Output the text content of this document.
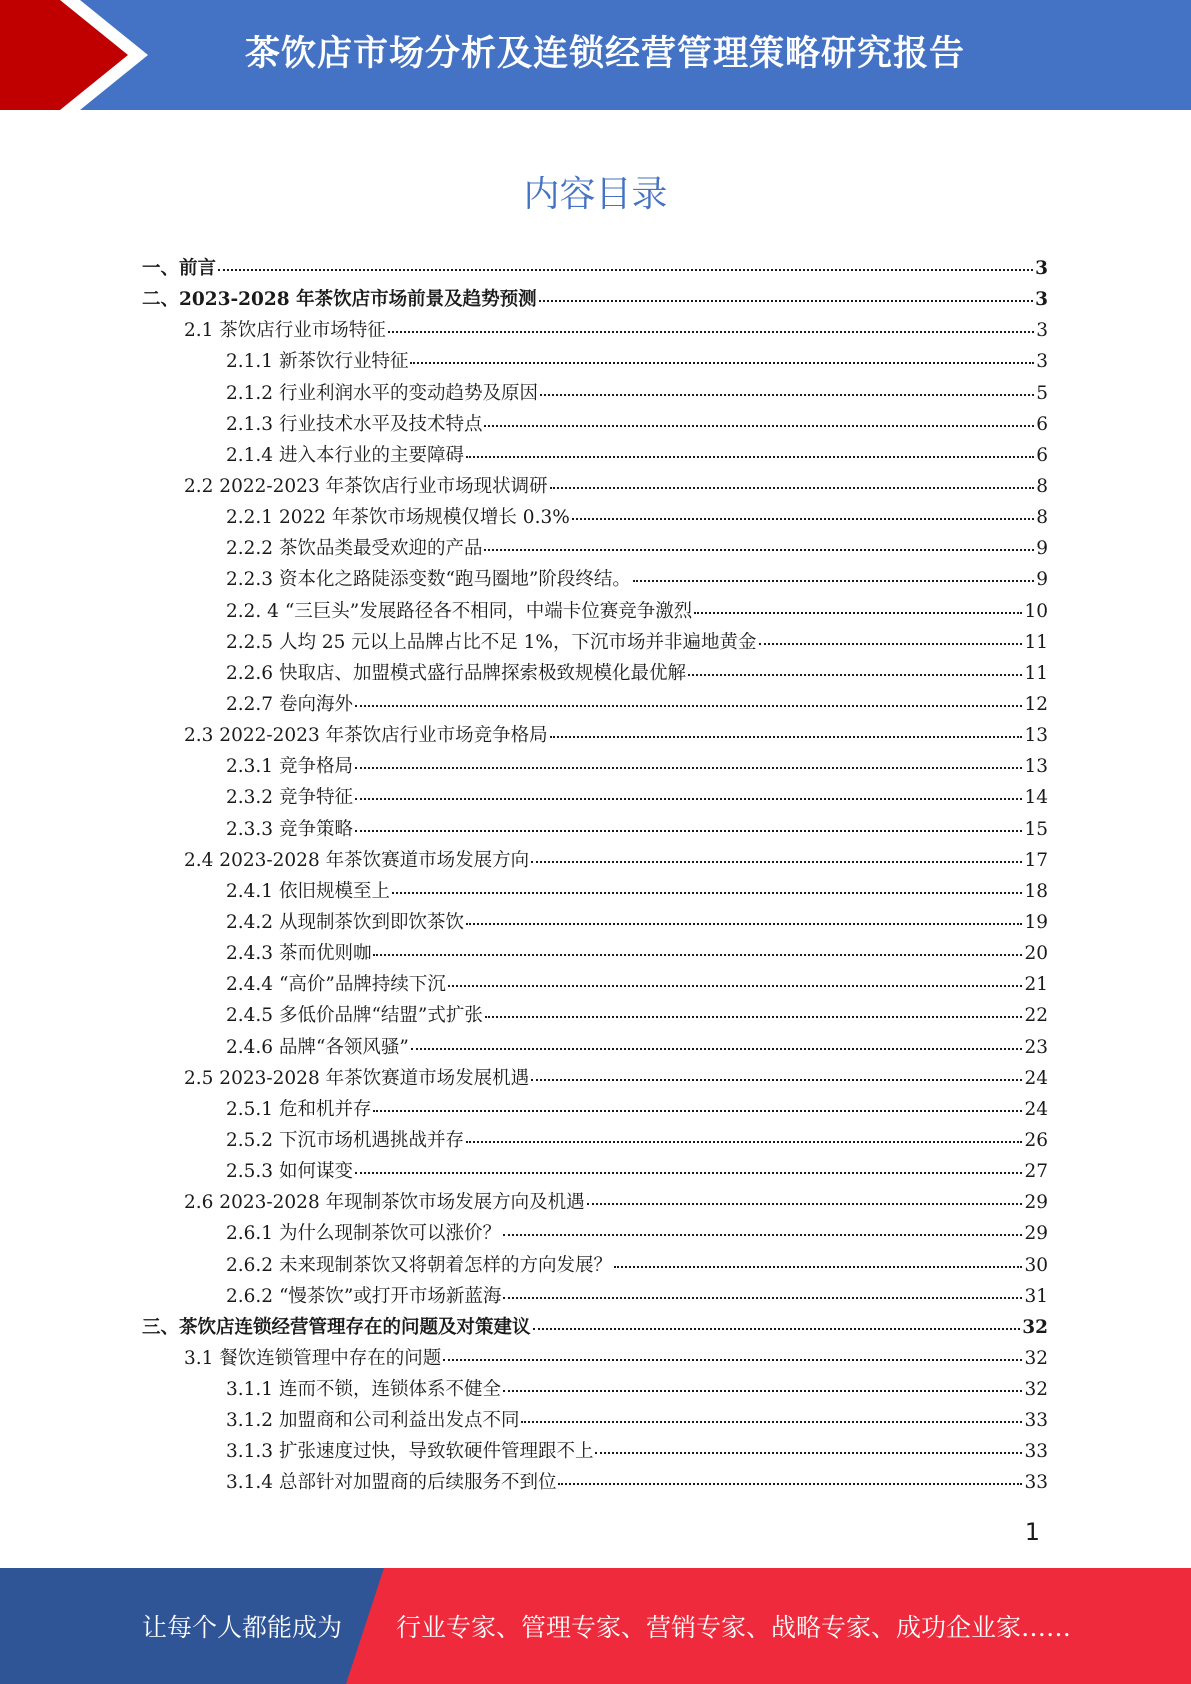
茶饮店市场分析及连锁经营管理策略研究报告
内容目录
一、前言	3
二、2023-2028 年茶饮店市场前景及趋势预测	3
2.1 茶饮店行业市场特征	3
2.1.1 新茶饮行业特征	3
2.1.2 行业利润水平的变动趋势及原因	5
2.1.3 行业技术水平及技术特点	6
2.1.4 进入本行业的主要障碍	6
2.2 2022-2023 年茶饮店行业市场现状调研	8
2.2.1 2022 年茶饮市场规模仅增长 0.3%	8
2.2.2 茶饮品类最受欢迎的产品	9
2.2.3 资本化之路陡添变数“跑马圈地”阶段终结。	9
2.2. 4 “三巨头”发展路径各不相同，中端卡位赛竞争激烈	10
2.2.5 人均 25 元以上品牌占比不足 1%，下沉市场并非遍地黄金	11
2.2.6 快取店、加盟模式盛行品牌探索极致规模化最优解	11
2.2.7 卷向海外	12
2.3 2022-2023 年茶饮店行业市场竞争格局	13
2.3.1 竞争格局	13
2.3.2 竞争特征	14
2.3.3 竞争策略	15
2.4 2023-2028 年茶饮赛道市场发展方向	17
2.4.1 依旧规模至上	18
2.4.2 从现制茶饮到即饮茶饮	19
2.4.3 茶而优则咖	20
2.4.4 “高价”品牌持续下沉	21
2.4.5 多低价品牌“结盟”式扩张	22
2.4.6 品牌“各领风骚”	23
2.5 2023-2028 年茶饮赛道市场发展机遇	24
2.5.1 危和机并存	24
2.5.2 下沉市场机遇挑战并存	26
2.5.3 如何谋变	27
2.6 2023-2028 年现制茶饮市场发展方向及机遇	29
2.6.1 为什么现制茶饮可以涨价？	29
2.6.2 未来现制茶饮又将朝着怎样的方向发展？	30
2.6.2 “慢茶饮”或打开市场新蓝海	31
三、茶饮店连锁经营管理存在的问题及对策建议	32
3.1 餐饮连锁管理中存在的问题	32
3.1.1 连而不锁，连锁体系不健全	32
3.1.2 加盟商和公司利益出发点不同	33
3.1.3 扩张速度过快，导致软硬件管理跟不上	33
3.1.4 总部针对加盟商的后续服务不到位	33
1
让每个人都能成为 行业专家、管理专家、营销专家、战略专家、成功企业家……
